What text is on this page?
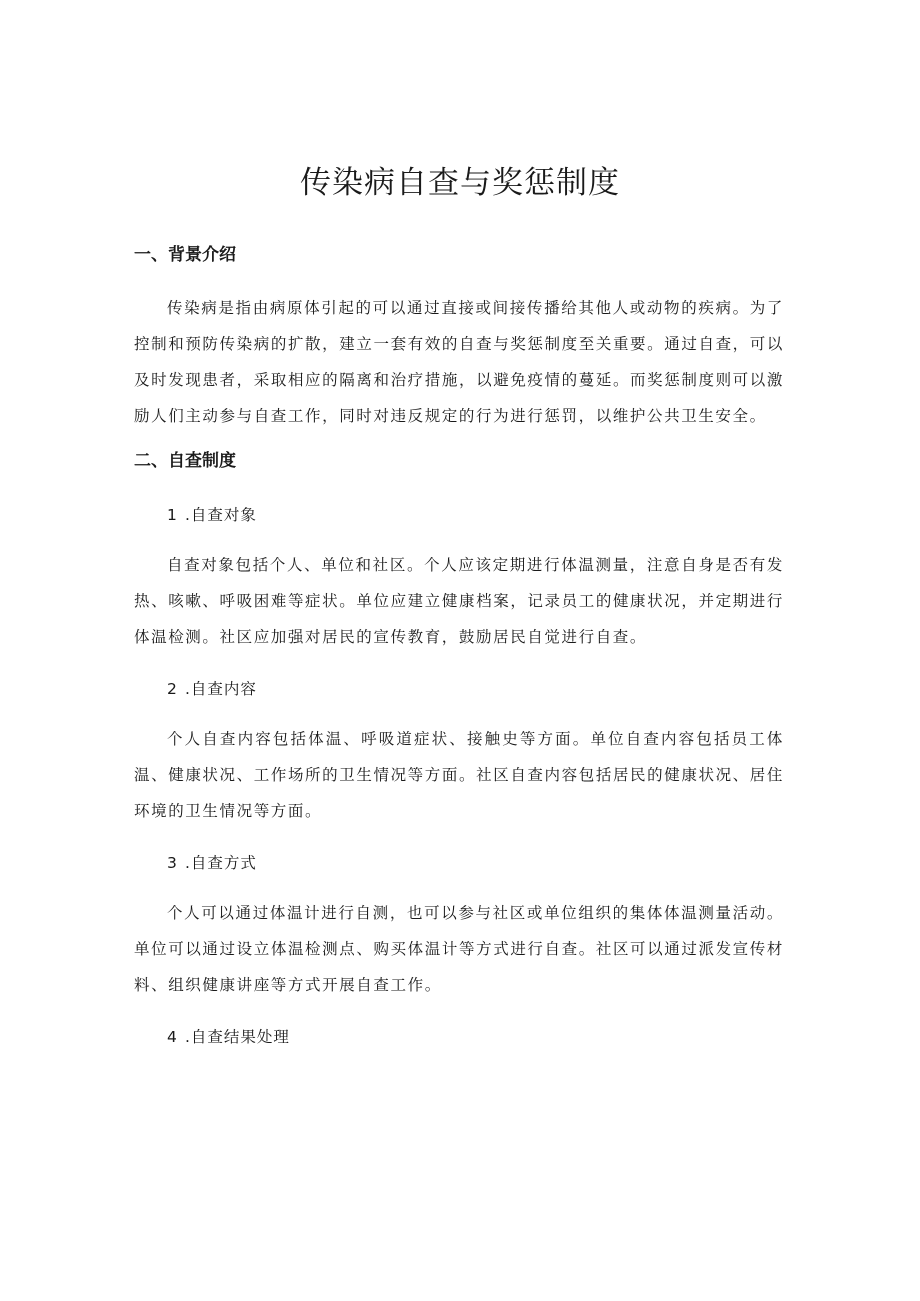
传染病自查与奖惩制度
一、背景介绍

传染病是指由病原体引起的可以通过直接或间接传播给其他人或动物的疾病。为了控制和预防传染病的扩散，建立一套有效的自查与奖惩制度至关重要。通过自查，可以及时发现患者，采取相应的隔离和治疗措施，以避免疫情的蔓延。而奖惩制度则可以激励人们主动参与自查工作，同时对违反规定的行为进行惩罚，以维护公共卫生安全。

二、自查制度
1 .自查对象

自查对象包括个人、单位和社区。个人应该定期进行体温测量，注意自身是否有发热、咳嗽、呼吸困难等症状。单位应建立健康档案，记录员工的健康状况，并定期进行体温检测。社区应加强对居民的宣传教育，鼓励居民自觉进行自查。

2 .自查内容

个人自查内容包括体温、呼吸道症状、接触史等方面。单位自查内容包括员工体温、健康状况、工作场所的卫生情况等方面。社区自查内容包括居民的健康状况、居住环境的卫生情况等方面。

3 .自查方式

个人可以通过体温计进行自测，也可以参与社区或单位组织的集体体温测量活动。单位可以通过设立体温检测点、购买体温计等方式进行自查。社区可以通过派发宣传材料、组织健康讲座等方式开展自查工作。

4 .自查结果处理
